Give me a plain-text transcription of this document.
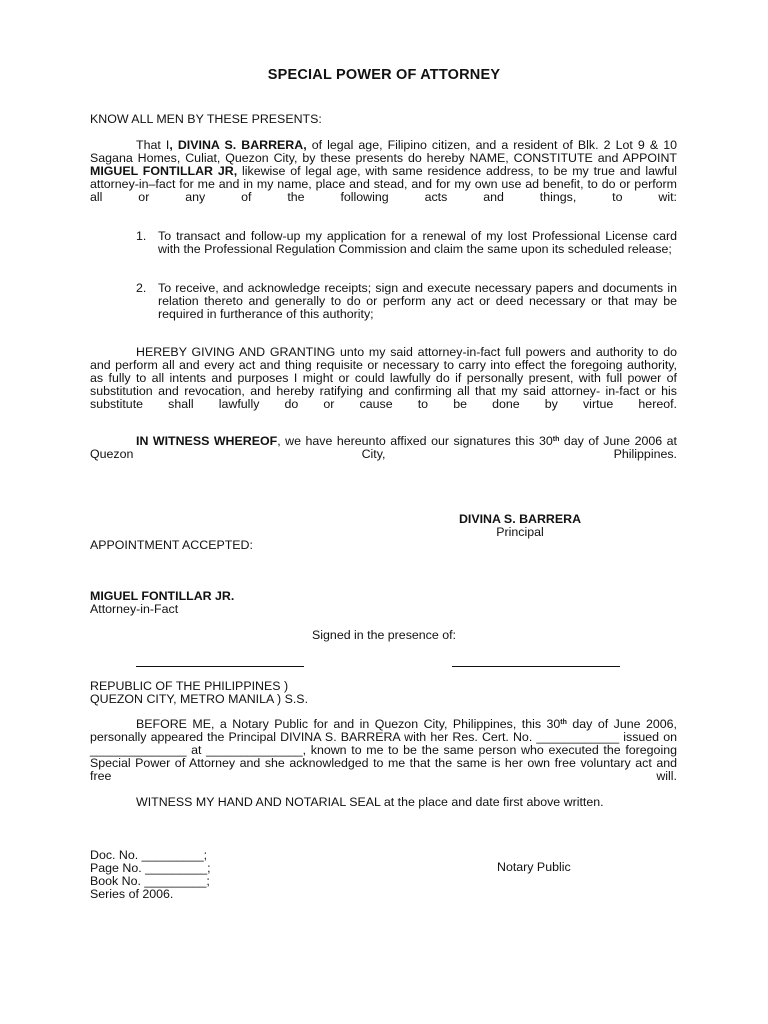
SPECIAL POWER OF ATTORNEY
KNOW ALL MEN BY THESE PRESENTS:
That I, DIVINA S. BARRERA, of legal age, Filipino citizen, and a resident of Blk. 2 Lot 9 & 10 Sagana Homes, Culiat, Quezon City, by these presents do hereby NAME, CONSTITUTE and APPOINT MIGUEL FONTILLAR JR, likewise of legal age, with same residence address, to be my true and lawful attorney-in–fact for me and in my name, place and stead, and for my own use ad benefit, to do or perform all or any of the following acts and things, to wit:
1. To transact and follow-up my application for a renewal of my lost Professional License card with the Professional Regulation Commission and claim the same upon its scheduled release;
2. To receive, and acknowledge receipts; sign and execute necessary papers and documents in relation thereto and generally to do or perform any act or deed necessary or that may be required in furtherance of this authority;
HEREBY GIVING AND GRANTING unto my said attorney-in-fact full powers and authority to do and perform all and every act and thing requisite or necessary to carry into effect the foregoing authority, as fully to all intents and purposes I might or could lawfully do if personally present, with full power of substitution and revocation, and hereby ratifying and confirming all that my said attorney- in-fact or his substitute shall lawfully do or cause to be done by virtue hereof.
IN WITNESS WHEREOF, we have hereunto affixed our signatures this 30th day of June 2006 at Quezon City, Philippines.
DIVINA S. BARRERA
Principal
APPOINTMENT ACCEPTED:
MIGUEL FONTILLAR JR.
Attorney-in-Fact
Signed in the presence of:
REPUBLIC OF THE PHILIPPINES )
QUEZON CITY, METRO MANILA ) S.S.
BEFORE ME, a Notary Public for and in Quezon City, Philippines, this 30th day of June 2006, personally appeared the Principal DIVINA S. BARRERA with her Res. Cert. No. ____________ issued on ______________ at ______________, known to me to be the same person who executed the foregoing Special Power of Attorney and she acknowledged to me that the same is her own free voluntary act and free will.
WITNESS MY HAND AND NOTARIAL SEAL at the place and date first above written.
Doc. No. _________;
Page No. _________;
Book No. _________;
Series of 2006.
Notary Public
